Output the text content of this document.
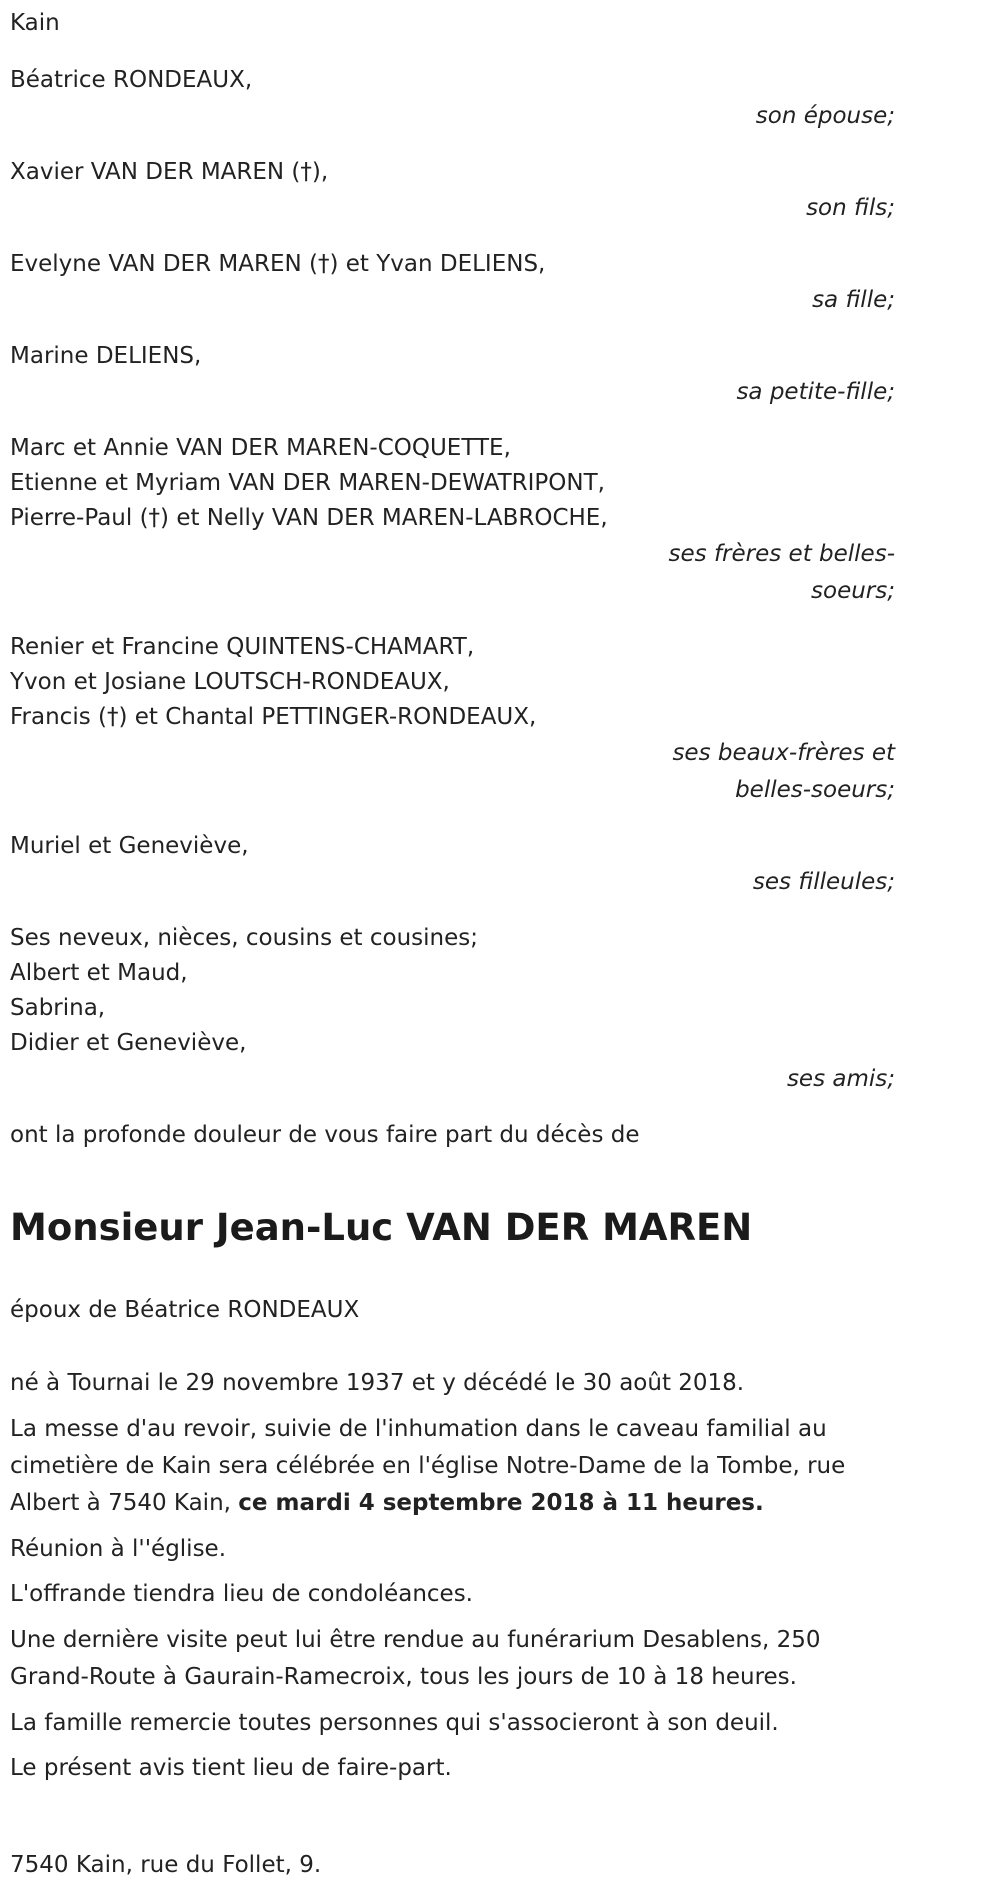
Kain
Béatrice RONDEAUX,
son épouse;
Xavier VAN DER MAREN (†),
son fils;
Evelyne VAN DER MAREN (†) et Yvan DELIENS,
sa fille;
Marine DELIENS,
sa petite-fille;
Marc et Annie VAN DER MAREN-COQUETTE,
Etienne et Myriam VAN DER MAREN-DEWATRIPONT,
Pierre-Paul (†) et Nelly VAN DER MAREN-LABROCHE,
ses frères et belles-
soeurs;
Renier et Francine QUINTENS-CHAMART,
Yvon et Josiane LOUTSCH-RONDEAUX,
Francis (†) et Chantal PETTINGER-RONDEAUX,
ses beaux-frères et
belles-soeurs;
Muriel et Geneviève,
ses filleules;
Ses neveux, nièces, cousins et cousines;
Albert et Maud,
Sabrina,
Didier et Geneviève,
ses amis;
ont la profonde douleur de vous faire part du décès de
Monsieur Jean-Luc VAN DER MAREN
époux de Béatrice RONDEAUX
né à Tournai le 29 novembre 1937 et y décédé le 30 août 2018.
La messe d'au revoir, suivie de l'inhumation dans le caveau familial au cimetière de Kain sera célébrée en l'église Notre-Dame de la Tombe, rue Albert à 7540 Kain, ce mardi 4 septembre 2018 à 11 heures.
Réunion à l''église.
L'offrande tiendra lieu de condoléances.
Une dernière visite peut lui être rendue au funérarium Desablens, 250 Grand-Route à Gaurain-Ramecroix, tous les jours de 10 à 18 heures.
La famille remercie toutes personnes qui s'associeront à son deuil.
Le présent avis tient lieu de faire-part.
7540 Kain, rue du Follet, 9.
